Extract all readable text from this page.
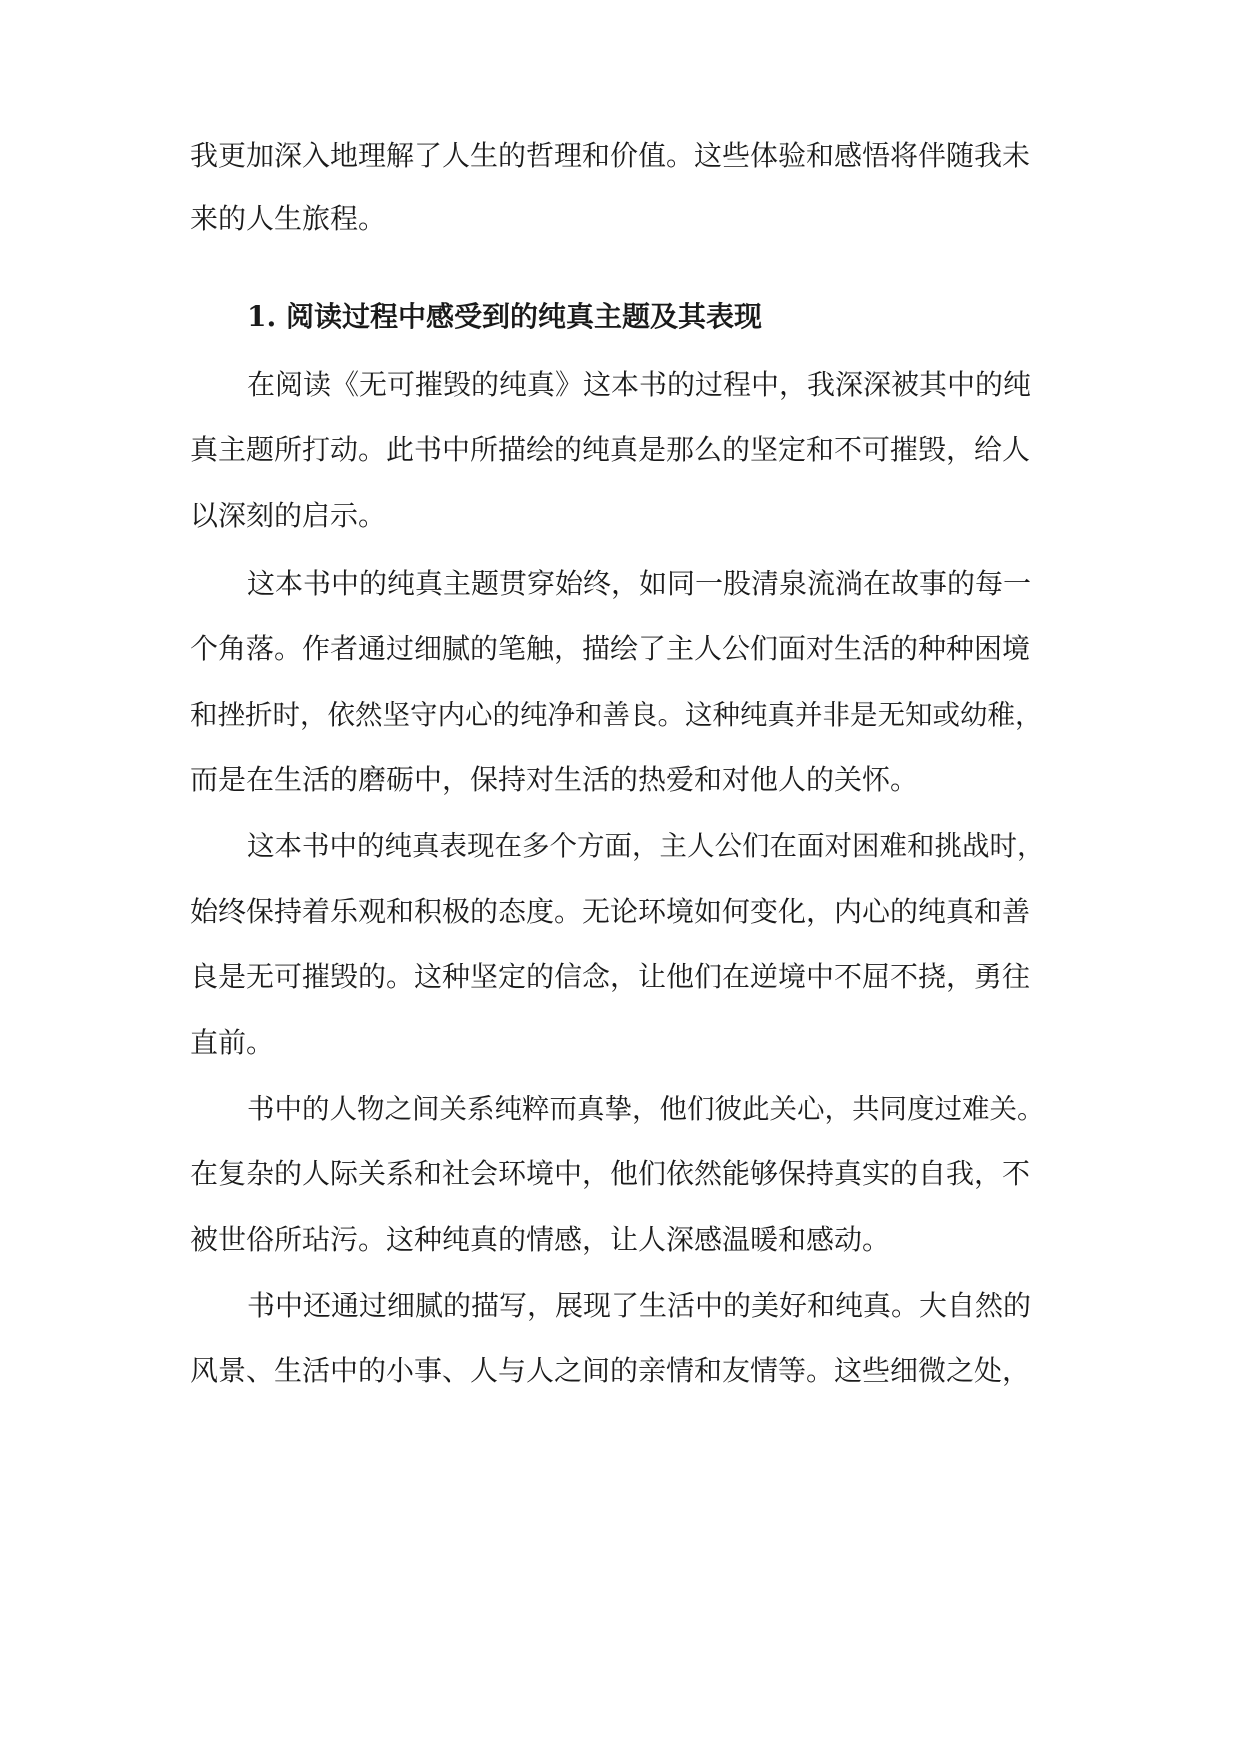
我更加深入地理解了人生的哲理和价值。这些体验和感悟将伴随我未
来的人生旅程。
1. 阅读过程中感受到的纯真主题及其表现
在阅读《无可摧毁的纯真》这本书的过程中，我深深被其中的纯
真主题所打动。此书中所描绘的纯真是那么的坚定和不可摧毁，给人
以深刻的启示。
这本书中的纯真主题贯穿始终，如同一股清泉流淌在故事的每一
个角落。作者通过细腻的笔触，描绘了主人公们面对生活的种种困境
和挫折时，依然坚守内心的纯净和善良。这种纯真并非是无知或幼稚，
而是在生活的磨砺中，保持对生活的热爱和对他人的关怀。
这本书中的纯真表现在多个方面，主人公们在面对困难和挑战时，
始终保持着乐观和积极的态度。无论环境如何变化，内心的纯真和善
良是无可摧毁的。这种坚定的信念，让他们在逆境中不屈不挠，勇往
直前。
书中的人物之间关系纯粹而真挚，他们彼此关心，共同度过难关。
在复杂的人际关系和社会环境中，他们依然能够保持真实的自我，不
被世俗所玷污。这种纯真的情感，让人深感温暖和感动。
书中还通过细腻的描写，展现了生活中的美好和纯真。大自然的
风景、生活中的小事、人与人之间的亲情和友情等。这些细微之处，
